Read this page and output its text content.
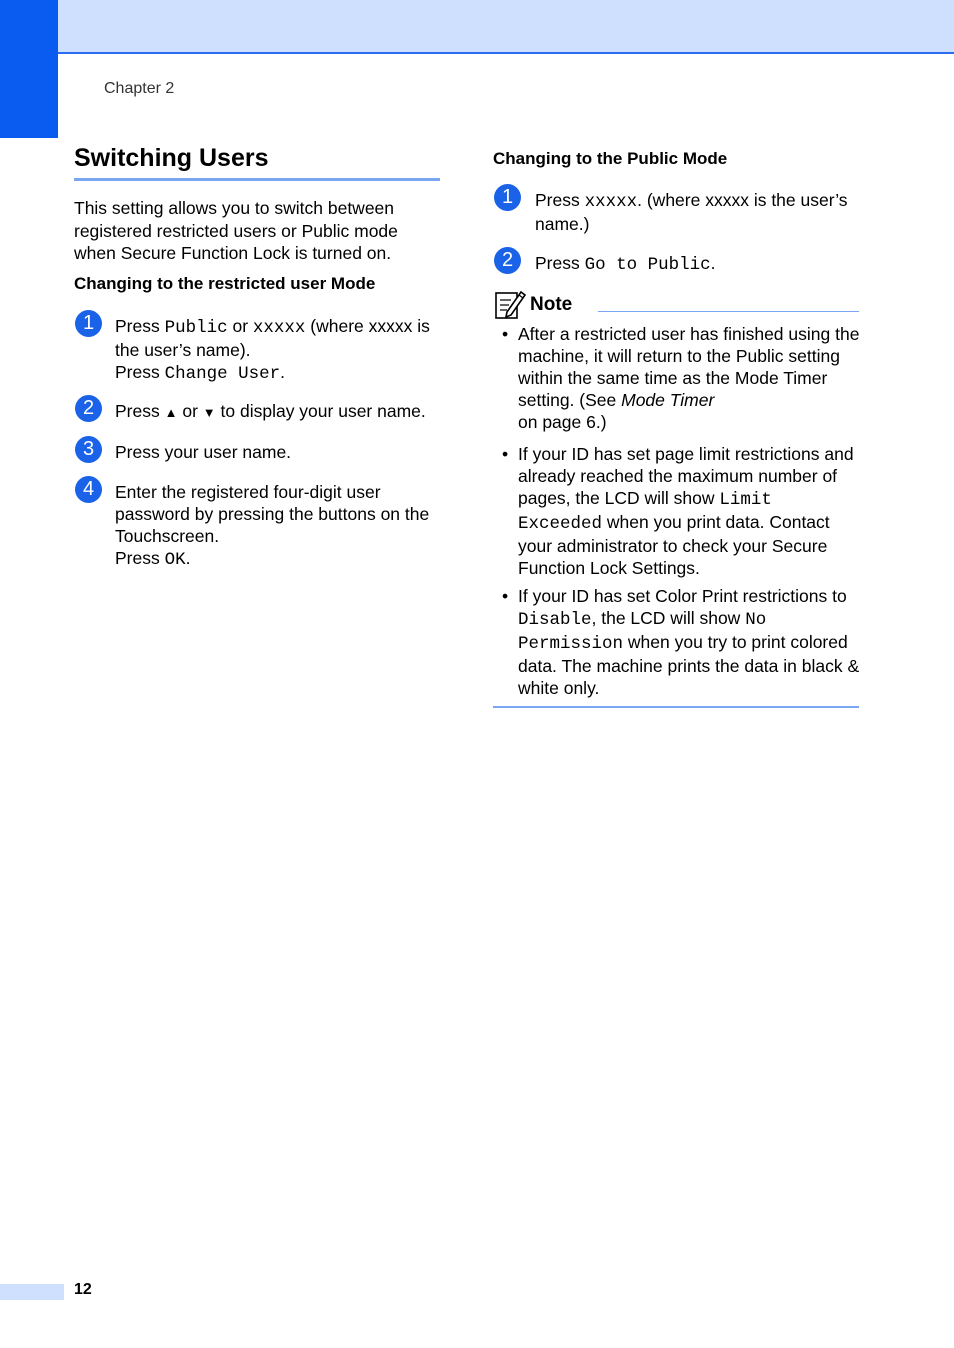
Chapter 2
Switching Users
This setting allows you to switch between registered restricted users or Public mode when Secure Function Lock is turned on.
Changing to the restricted user Mode
1	Press Public or xxxxx (where xxxxx is the user’s name).
Press Change User.
2	Press ▲ or ▼ to display your user name.
3	Press your user name.
4	Enter the registered four-digit user password by pressing the buttons on the Touchscreen.
Press OK.
Changing to the Public Mode
1	Press xxxxx. (where xxxxx is the user’s name.)
2	Press Go to Public.
Note
• After a restricted user has finished using the machine, it will return to the Public setting within the same time as the Mode Timer setting. (See Mode Timer
on page 6.)
• If your ID has set page limit restrictions and already reached the maximum number of pages, the LCD will show Limit Exceeded when you print data. Contact your administrator to check your Secure Function Lock Settings.
• If your ID has set Color Print restrictions to Disable, the LCD will show No Permission when you try to print colored data. The machine prints the data in black & white only.
12
